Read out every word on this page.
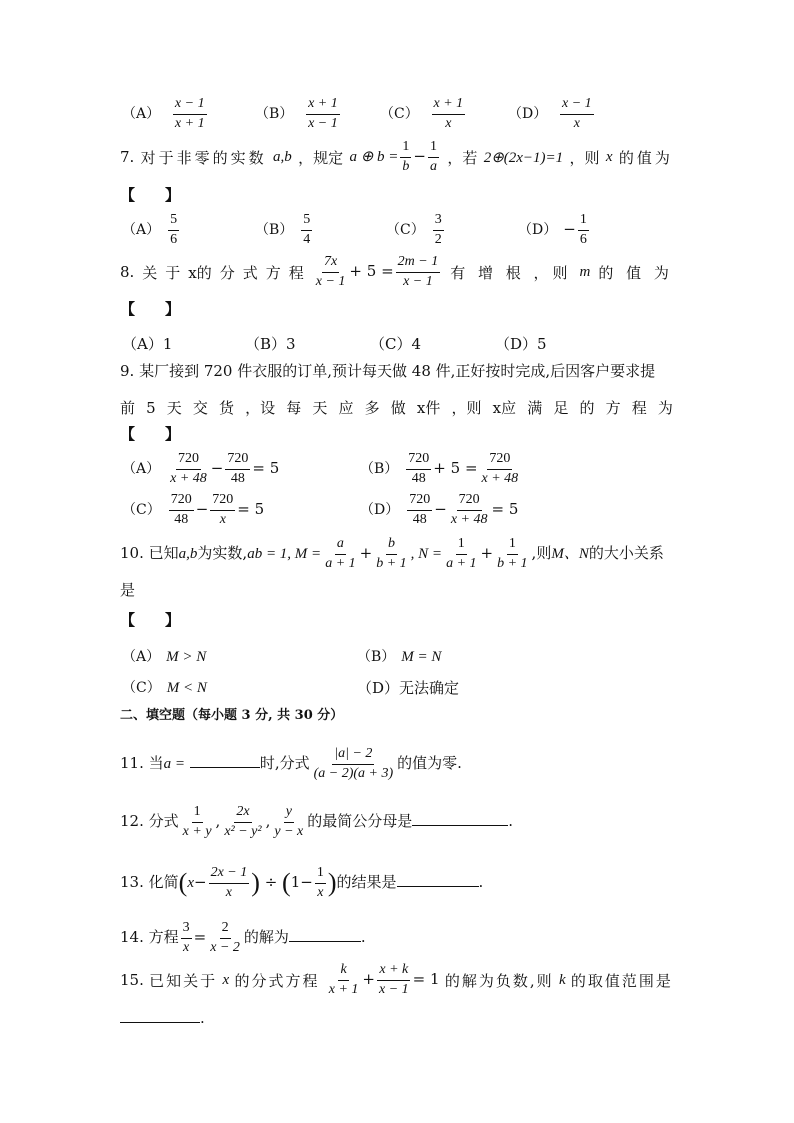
$(A) \frac{x - 1}{x + 1}$	$(B) \frac{x + 1}{x - 1}$	$(C) \frac{x + 1}{x}$	$(D) \frac{x - 1}{x}$
7. 对于非零的实数 a,b ，规定 a ⊕ $b = \frac{1}{b} - \frac{1}{a}$ ，若 2⊕(2x−1)=1 ，则 x 的值为
【　　】
$(A) \frac{5}{6}$	$(B) \frac{5}{4}$	$(C) \frac{3}{2}$	$(D) - \frac{1}{6}$
8. 关 于 x的 分 式 方 程 $\frac{7x}{x - 1} + 5 = \frac{2m - 1}{x - 1}$ 有 增 根 ，则 m 的 值 为
【　　】
（A）1	（B）3	（C）4	（D）5
9. 某厂接到 720 件衣服的订单,预计每天做 48 件,正好按时完成,后因客户要求提
前 5 天 交 货 ，设 每 天 应 多 做 x件 ，则 x应 满 足 的 方 程 为
【　　】
$(A) \frac{720}{x + 48} - \frac{720}{48} = 5$	$(B) \frac{720}{48} + 5 = \frac{720}{x + 48}$
$(C) \frac{720}{48} - \frac{720}{x} = 5$	$(D) \frac{720}{48} - \frac{720}{x + 48} = 5$
10. 已知a,b为实数,ab = 1, $M = \frac{a}{a + 1} + \frac{b}{b + 1}$ , $N = \frac{1}{a + 1} + \frac{1}{b + 1}$ ,则M、N的大小关系
是
【　　】
（A） M > N	（B） M = N
（C） M < N	（D）无法确定
二、填空题（每小题 3 分, 共 30 分）
11. 当a =	时,分式 $\frac{|a| - 2}{(a - 2)(a + 3)}$ 的值为零.
12. 分式 $\frac{1}{x + y}$ , $\frac{2x}{\text{x² − y²}}$ , $\frac{y}{y - x}$ 的最简公分母是	.
13. 化简($x- \frac{2x - 1}{x}$ ) ÷ ($1- \frac{1}{x}$ )的结果是	.
14. 方程 $\frac{3}{x} = \frac{2}{x - 2}$ 的解为	.
15. 已知关于 x 的分式方程 $\frac{k}{x + 1} + \frac{x + k}{x - 1} = 1$ 的解为负数,则 k 的取值范围是
.
